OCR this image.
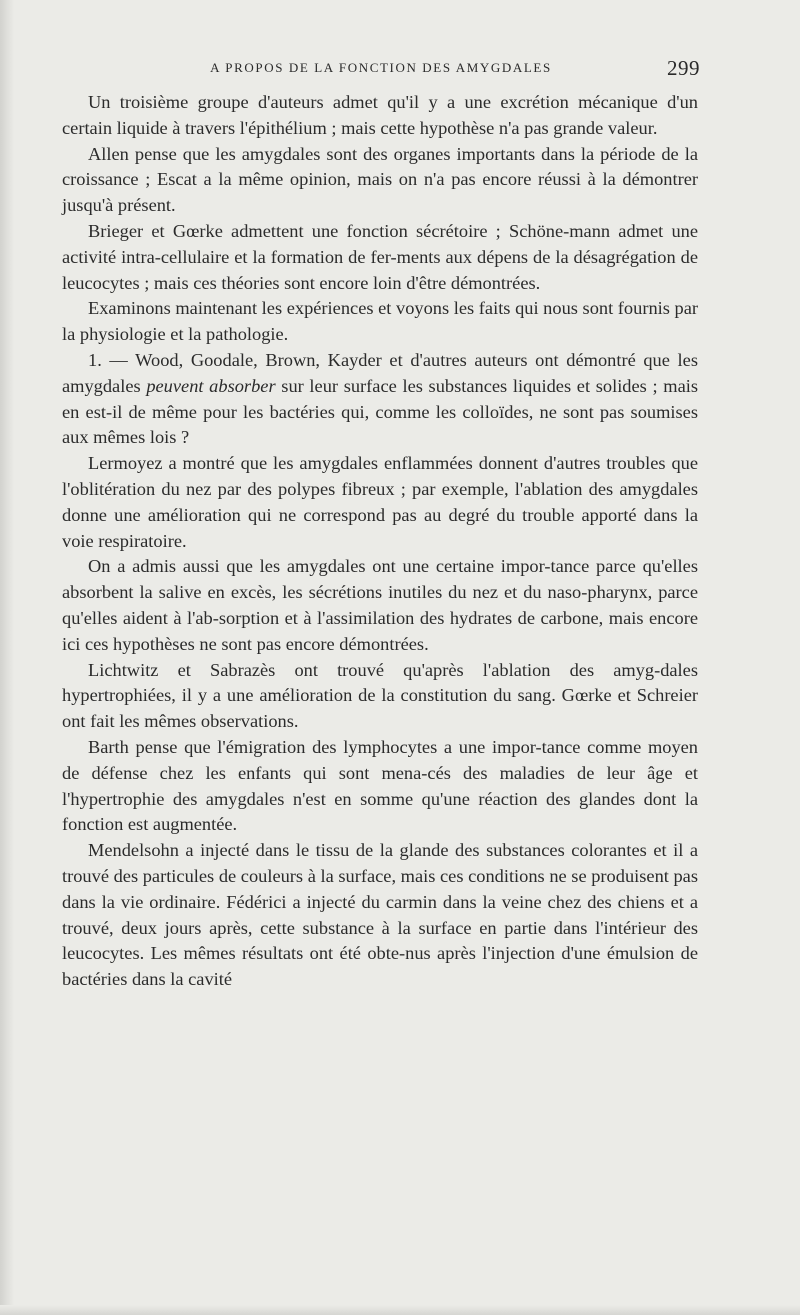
A PROPOS DE LA FONCTION DES AMYGDALES	299

Un troisième groupe d'auteurs admet qu'il y a une excrétion mécanique d'un certain liquide à travers l'épithélium ; mais cette hypothèse n'a pas grande valeur.

Allen pense que les amygdales sont des organes importants dans la période de la croissance ; Escat a la même opinion, mais on n'a pas encore réussi à la démontrer jusqu'à présent.

Brieger et Gœrke admettent une fonction sécrétoire ; Schöne-mann admet une activité intra-cellulaire et la formation de fer-ments aux dépens de la désagrégation de leucocytes ; mais ces théories sont encore loin d'être démontrées.

Examinons maintenant les expériences et voyons les faits qui nous sont fournis par la physiologie et la pathologie.

1. — Wood, Goodale, Brown, Kayder et d'autres auteurs ont démontré que les amygdales peuvent absorber sur leur surface les substances liquides et solides ; mais en est-il de même pour les bactéries qui, comme les colloïdes, ne sont pas soumises aux mêmes lois ?

Lermoyez a montré que les amygdales enflammées donnent d'autres troubles que l'oblitération du nez par des polypes fibreux ; par exemple, l'ablation des amygdales donne une amélioration qui ne correspond pas au degré du trouble apporté dans la voie respiratoire.

On a admis aussi que les amygdales ont une certaine impor-tance parce qu'elles absorbent la salive en excès, les sécrétions inutiles du nez et du naso-pharynx, parce qu'elles aident à l'ab-sorption et à l'assimilation des hydrates de carbone, mais encore ici ces hypothèses ne sont pas encore démontrées.

Lichtwitz et Sabrazès ont trouvé qu'après l'ablation des amyg-dales hypertrophiées, il y a une amélioration de la constitution du sang. Gœrke et Schreier ont fait les mêmes observations.

Barth pense que l'émigration des lymphocytes a une impor-tance comme moyen de défense chez les enfants qui sont mena-cés des maladies de leur âge et l'hypertrophie des amygdales n'est en somme qu'une réaction des glandes dont la fonction est augmentée.

Mendelsohn a injecté dans le tissu de la glande des substances colorantes et il a trouvé des particules de couleurs à la surface, mais ces conditions ne se produisent pas dans la vie ordinaire. Fédérici a injecté du carmin dans la veine chez des chiens et a trouvé, deux jours après, cette substance à la surface en partie dans l'intérieur des leucocytes. Les mêmes résultats ont été obte-nus après l'injection d'une émulsion de bactéries dans la cavité
